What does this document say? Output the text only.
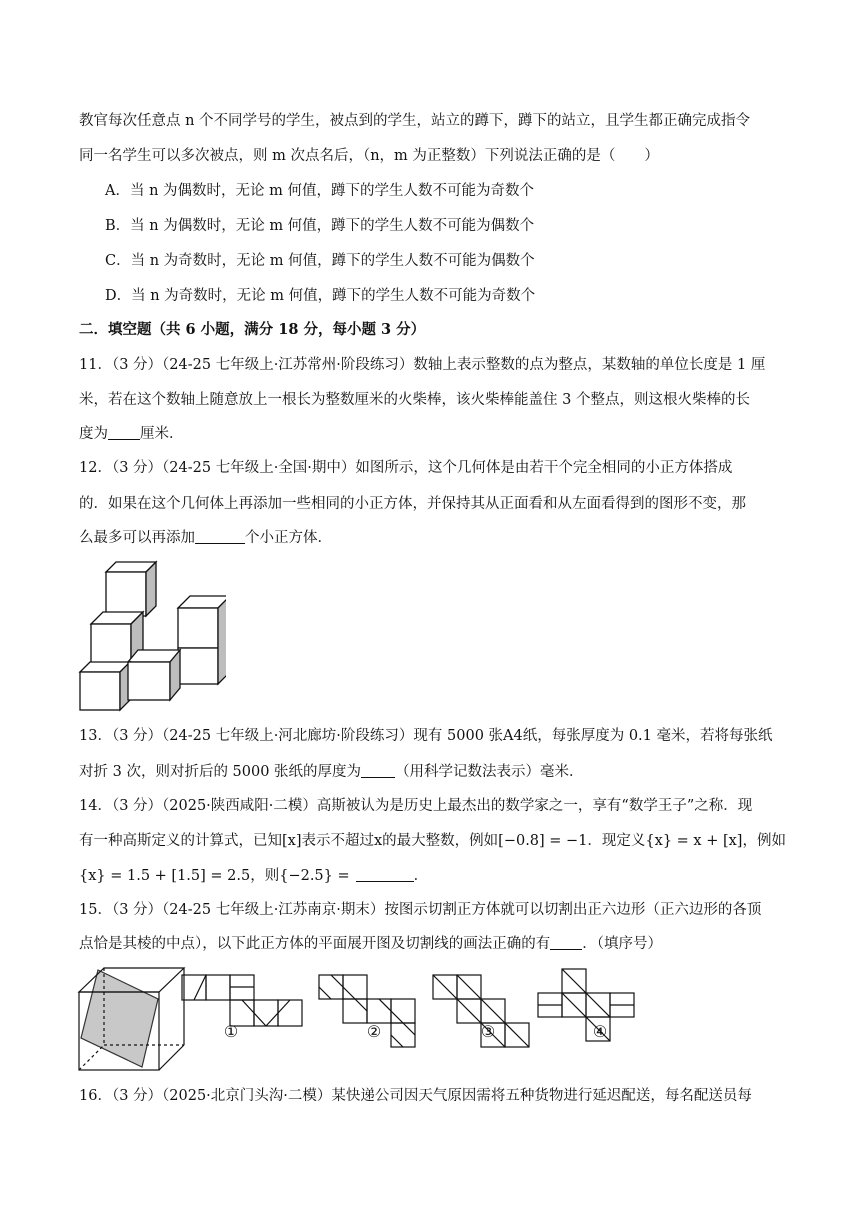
教官每次任意点 n 个不同学号的学生，被点到的学生，站立的蹲下，蹲下的站立，且学生都正确完成指令
同一名学生可以多次被点，则 m 次点名后，（n，m 为正整数）下列说法正确的是（　　）
A．当 n 为偶数时，无论 m 何值，蹲下的学生人数不可能为奇数个
B．当 n 为偶数时，无论 m 何值，蹲下的学生人数不可能为偶数个
C．当 n 为奇数时，无论 m 何值，蹲下的学生人数不可能为偶数个
D．当 n 为奇数时，无论 m 何值，蹲下的学生人数不可能为奇数个
二．填空题（共 6 小题，满分 18 分，每小题 3 分）
11．（3 分）（24-25 七年级上·江苏常州·阶段练习）数轴上表示整数的点为整点，某数轴的单位长度是 1 厘
米，若在这个数轴上随意放上一根长为整数厘米的火柴棒，该火柴棒能盖住 3 个整点，则这根火柴棒的长
度为 厘米．
12．（3 分）（24-25 七年级上·全国·期中）如图所示，这个几何体是由若干个完全相同的小正方体搭成
的．如果在这个几何体上再添加一些相同的小正方体，并保持其从正面看和从左面看得到的图形不变，那
么最多可以再添加	个小正方体．
13．（3 分）（24-25 七年级上·河北廊坊·阶段练习）现有 5000 张A4纸，每张厚度为 0.1 毫米，若将每张纸
对折 3 次，则对折后的 5000 张纸的厚度为 （用科学记数法表示）毫米．
14．（3 分）（2025·陕西咸阳·二模）高斯被认为是历史上最杰出的数学家之一，享有“数学王子”之称．现
有一种高斯定义的计算式，已知[x]表示不超过x的最大整数，例如[−0.8] = −1．现定义{x} = x + [x]，例如
{x} = 1.5 + [1.5] = 2.5，则{−2.5} =	．
15．（3 分）（24-25 七年级上·江苏南京·期末）按图示切割正方体就可以切割出正六边形（正六边形的各顶
点恰是其棱的中点），以下此正方体的平面展开图及切割线的画法正确的有 ．（填序号）
①	②	③	④
16．（3 分）（2025·北京门头沟·二模）某快递公司因天气原因需将五种货物进行延迟配送，每名配送员每
